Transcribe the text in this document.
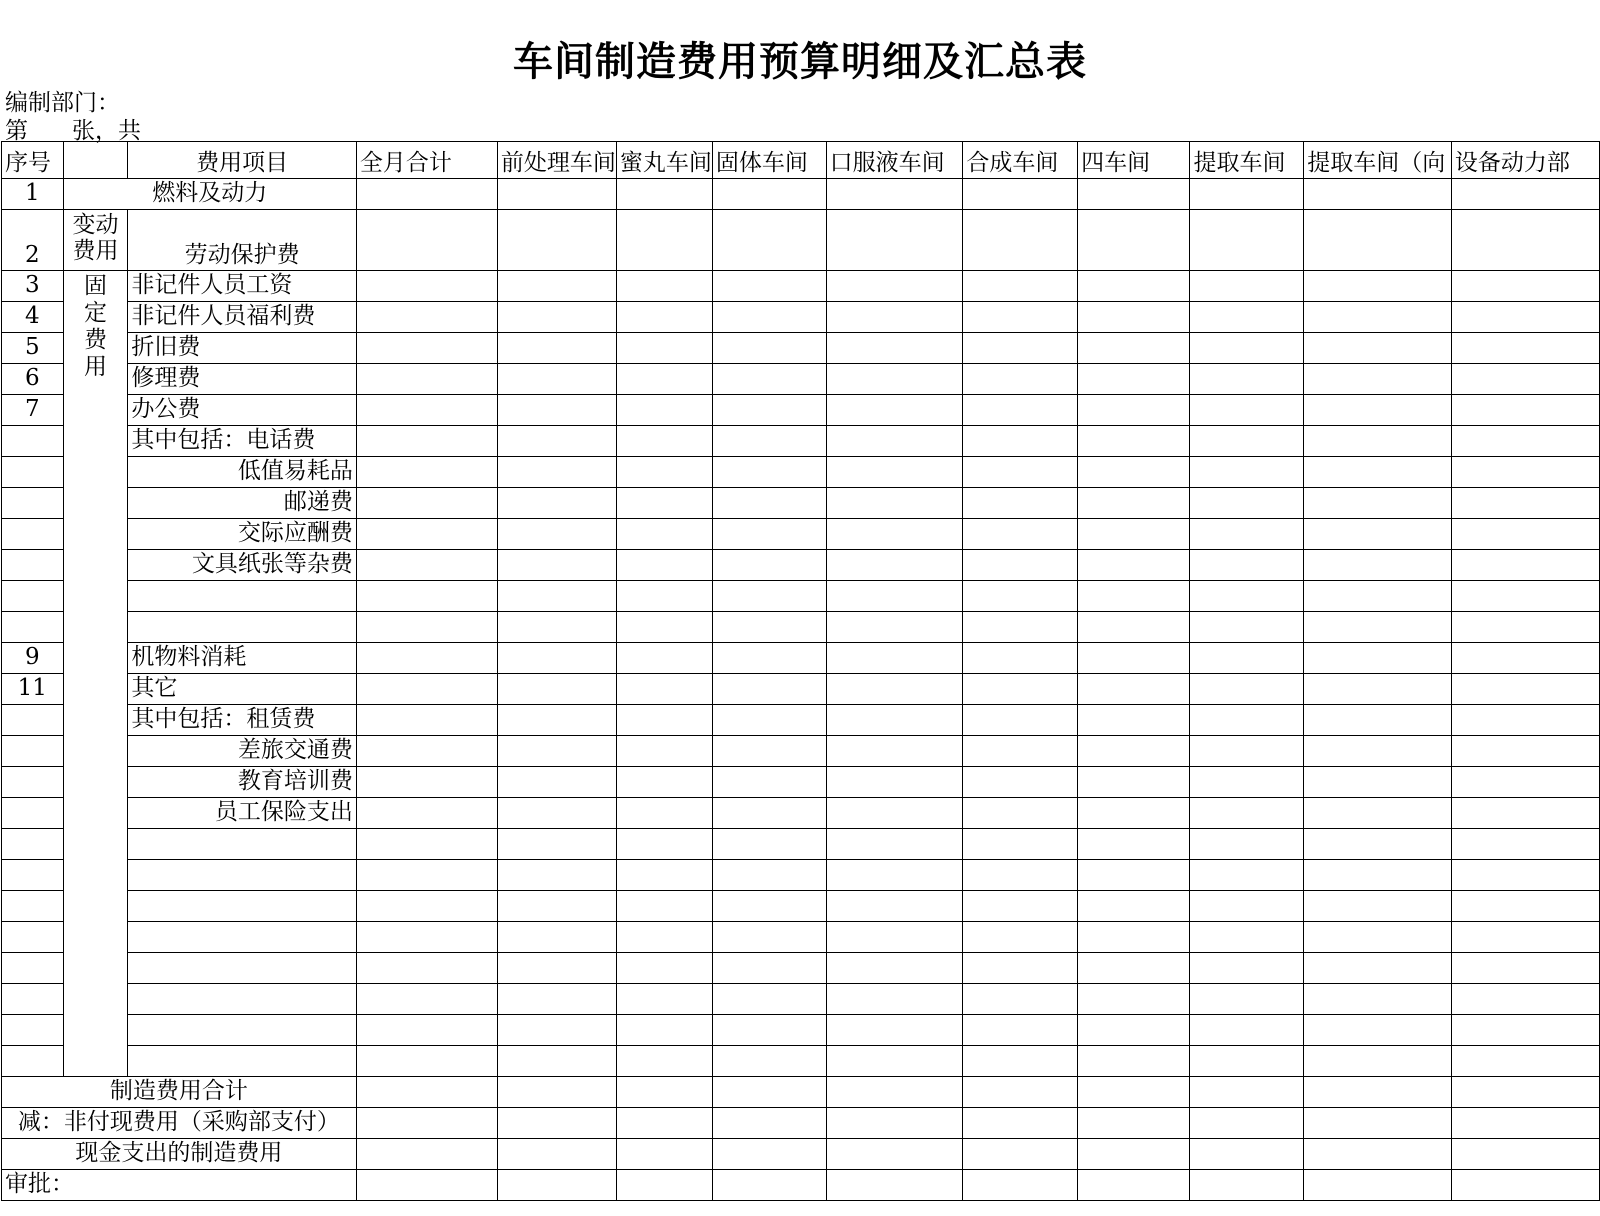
车间制造费用预算明细及汇总表
编制部门：
第 张，共
序号		费用项目	全月合计	前处理车间	蜜丸车间	固体车间	口服液车间	合成车间	四车间	提取车间	提取车间（向	设备动力部
1	燃料及动力											
2	变动费用	劳动保护费										
3	固定费用	非记件人员工资										
4		非记件人员福利费										
5		折旧费										
6		修理费										
7		办公费										
		其中包括：电话费										
		低值易耗品										
		邮递费										
		交际应酬费										
		文具纸张等杂费										

9		机物料消耗										
11		其它										
		其中包括：租赁费										
		差旅交通费										
		教育培训费										
		员工保险支出										

制造费用合计												
减：非付现费用（采购部支付）												
现金支出的制造费用												
审批：												
